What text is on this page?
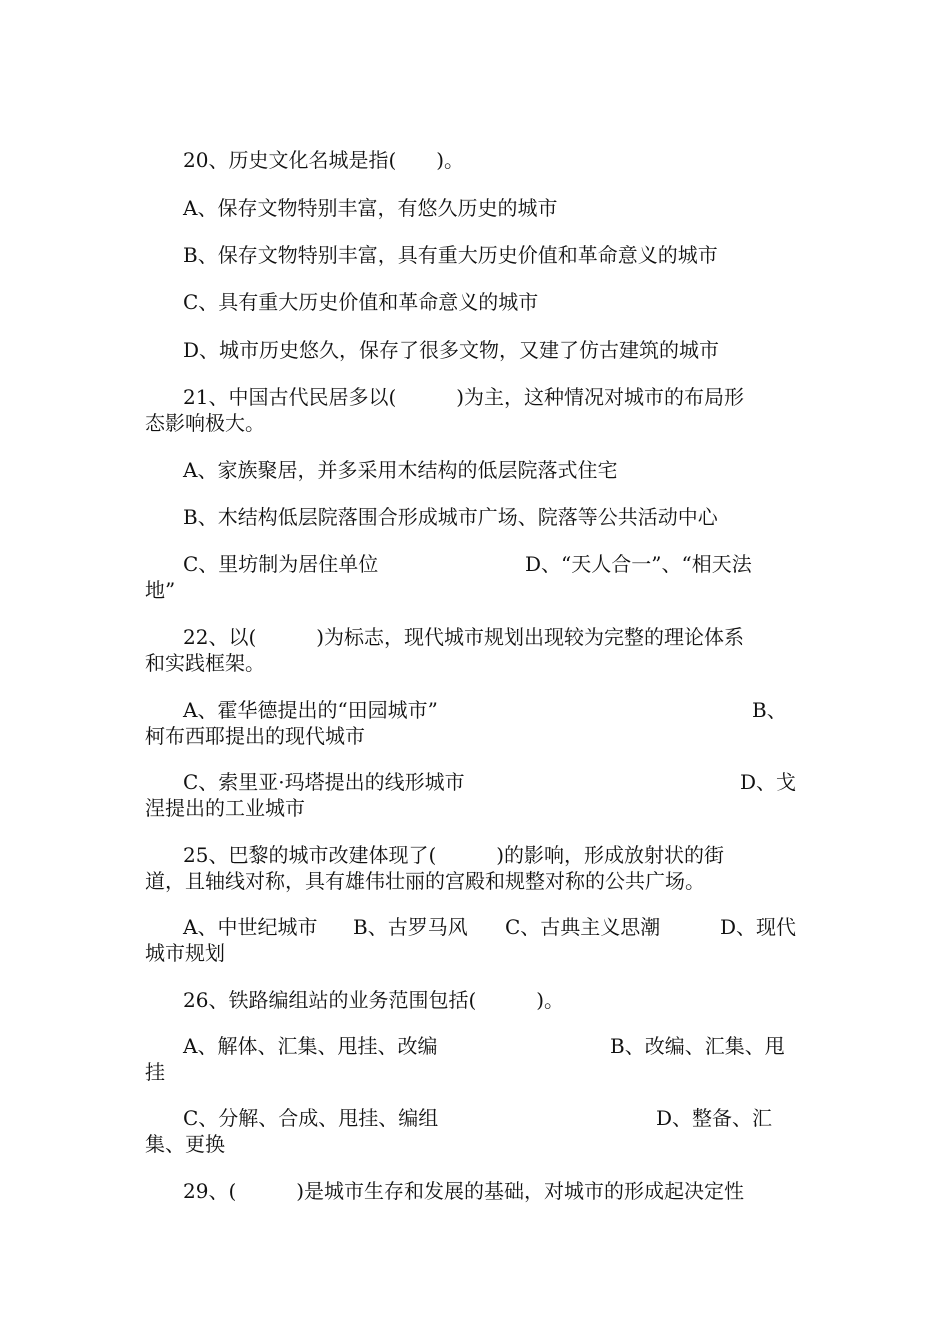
20、历史文化名城是指(　　)。

A、保存文物特别丰富，有悠久历史的城市

B、保存文物特别丰富，具有重大历史价值和革命意义的城市

C、具有重大历史价值和革命意义的城市

D、城市历史悠久，保存了很多文物，又建了仿古建筑的城市

21、中国古代民居多以(　　　)为主，这种情况对城市的布局形

态影响极大。

A、家族聚居，并多采用木结构的低层院落式住宅

B、木结构低层院落围合形成城市广场、院落等公共活动中心

C、里坊制为居住单位	D、“天人合一”、“相天法

地”

22、以(　　　)为标志，现代城市规划出现较为完整的理论体系

和实践框架。

A、霍华德提出的“田园城市”	B、

柯布西耶提出的现代城市

C、索里亚·玛塔提出的线形城市	D、戈

涅提出的工业城市

25、巴黎的城市改建体现了(　　　)的影响，形成放射状的街

道，且轴线对称，具有雄伟壮丽的宫殿和规整对称的公共广场。

A、中世纪城市	B、古罗马风 C、古典主义思潮	D、现代

城市规划

26、铁路编组站的业务范围包括(　　　)。

A、解体、汇集、甩挂、改编	B、改编、汇集、甩

挂

C、分解、合成、甩挂、编组	D、整备、汇

集、更换

29、(　　　)是城市生存和发展的基础，对城市的形成起决定性
